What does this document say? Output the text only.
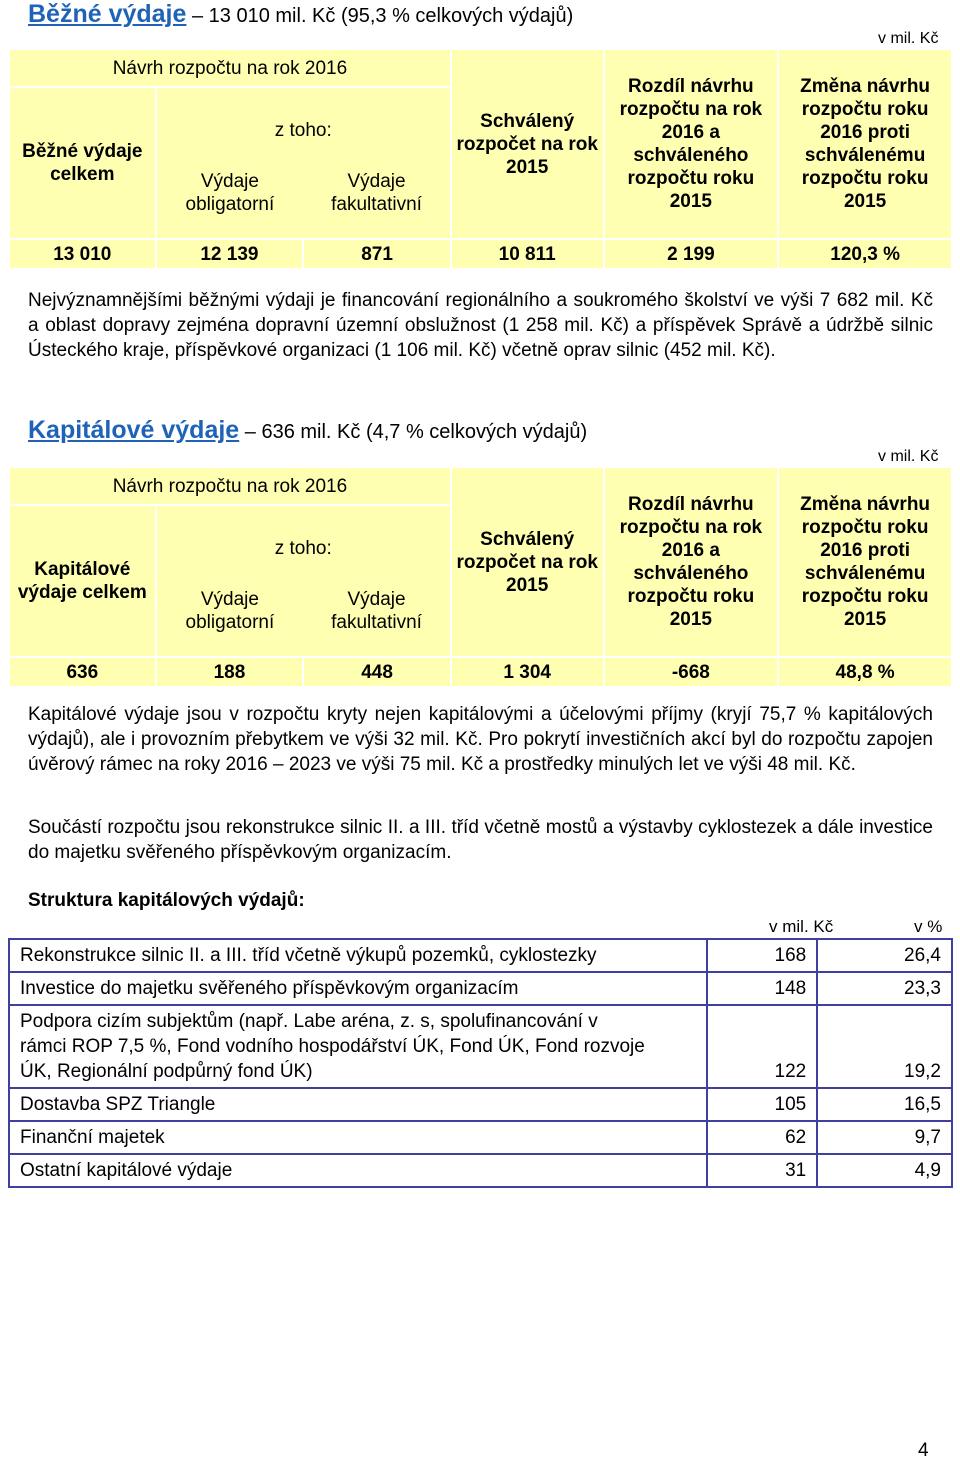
Běžné výdaje – 13 010 mil. Kč (95,3 % celkových výdajů)
v mil. Kč
Návrh rozpočtu na rok 2016			Schválený rozpočet na rok 2015	Rozdíl návrhu rozpočtu na rok 2016 a schváleného rozpočtu roku 2015	Změna návrhu rozpočtu roku 2016 proti schválenému rozpočtu roku 2015
Běžné výdaje celkem	z toho:
Výdaje obligatorní
Výdaje fakultativní				

13 010	12 139	871	10 811	2 199	120,3 %

Nejvýznamnějšími běžnými výdaji je financování regionálního a soukromého školství ve výši 7 682 mil. Kč a oblast dopravy zejména dopravní územní obslužnost (1 258 mil. Kč) a příspěvek Správě a údržbě silnic Ústeckého kraje, příspěvkové organizaci (1 106 mil. Kč) včetně oprav silnic (452 mil. Kč).

Kapitálové výdaje – 636 mil. Kč (4,7 % celkových výdajů)
v mil. Kč
Návrh rozpočtu na rok 2016			Schválený rozpočet na rok 2015	Rozdíl návrhu rozpočtu na rok 2016 a schváleného rozpočtu roku 2015	Změna návrhu rozpočtu roku 2016 proti schválenému rozpočtu roku 2015
Kapitálové výdaje celkem	z toho:
Výdaje obligatorní
Výdaje fakultativní				

636	188	448	1 304	-668	48,8 %

Kapitálové výdaje jsou v rozpočtu kryty nejen kapitálovými a účelovými příjmy (kryjí 75,7 % kapitálových výdajů), ale i provozním přebytkem ve výši 32 mil. Kč. Pro pokrytí investičních akcí byl do rozpočtu zapojen úvěrový rámec na roky 2016 – 2023 ve výši 75 mil. Kč a prostředky minulých let ve výši 48 mil. Kč.

Součástí rozpočtu jsou rekonstrukce silnic II. a III. tříd včetně mostů a výstavby cyklostezek a dále investice do majetku svěřeného příspěvkovým organizacím.

Struktura kapitálových výdajů:
v mil. Kč	v %
Rekonstrukce silnic II. a III. tříd včetně výkupů pozemků, cyklostezky	168	26,4
Investice do majetku svěřeného příspěvkovým organizacím	148	23,3
Podpora cizím subjektům (např. Labe aréna, z. s, spolufinancování v rámci ROP 7,5 %, Fond vodního hospodářství ÚK, Fond ÚK, Fond rozvoje ÚK, Regionální podpůrný fond ÚK)	122	19,2
Dostavba SPZ Triangle	105	16,5
Finanční majetek	62	9,7
Ostatní kapitálové výdaje	31	4,9
4
